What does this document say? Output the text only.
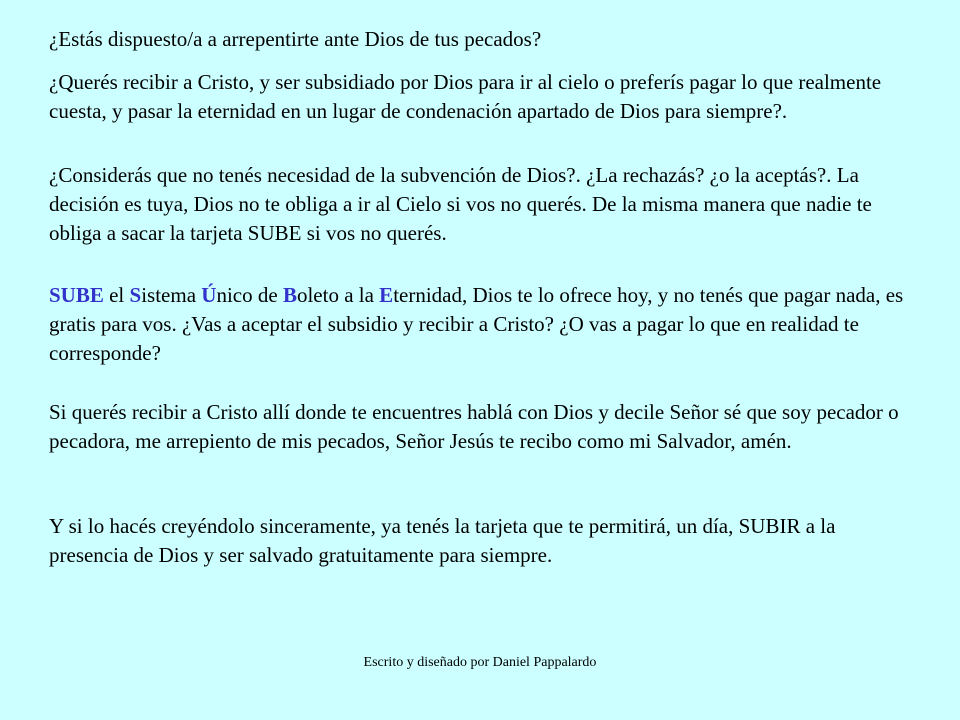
¿Estás dispuesto/a a arrepentirte ante Dios de tus pecados?

¿Querés recibir a Cristo, y ser subsidiado por Dios para ir al cielo o preferís pagar lo que realmente cuesta, y pasar la eternidad en un lugar de condenación apartado de Dios para siempre?.

¿Considerás que no tenés necesidad de la subvención de Dios?. ¿La rechazás? ¿o la aceptás?. La decisión es tuya, Dios no te obliga a ir al Cielo si vos no querés. De la misma manera que nadie te obliga a sacar la tarjeta SUBE si vos no querés.

SUBE el Sistema Único de Boleto a la Eternidad, Dios te lo ofrece hoy, y no tenés que pagar nada, es gratis para vos. ¿Vas a aceptar el subsidio y recibir a Cristo? ¿O vas a pagar lo que en realidad te corresponde?

Si querés recibir a Cristo allí donde te encuentres hablá con Dios y decile Señor sé que soy pecador o pecadora, me arrepiento de mis pecados, Señor Jesús te recibo como mi Salvador, amén.

Y si lo hacés creyéndolo sinceramente, ya tenés la tarjeta que te permitirá, un día, SUBIR a la presencia de Dios y ser salvado gratuitamente para siempre.

Escrito y diseñado por Daniel Pappalardo
